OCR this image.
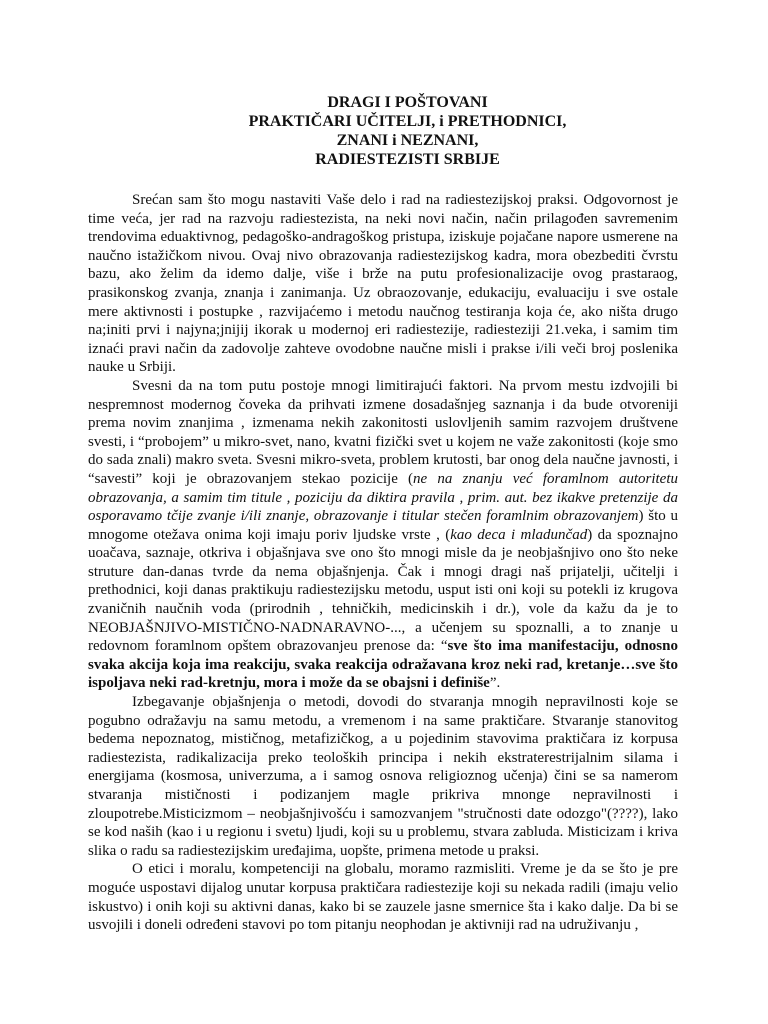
DRAGI I POŠTOVANI
PRAKTIČARI UČITELJI, i PRETHODNICI,
ZNANI i NEZNANI,
RADIESTEZISTI SRBIJE

Srećan sam što mogu nastaviti Vaše delo i rad na radiestezijskoj praksi. Odgovornost je time veća, jer rad na razvoju radiestezista, na neki novi način, način prilagođen savremenim trendovima eduaktivnog, pedagoško-andragoškog pristupa, iziskuje pojačane napore usmerene na naučno istažičkom nivou. Ovaj nivo obrazovanja radiestezijskog kadra, mora obezbediti čvrstu bazu, ako želim da idemo dalje, više i brže na putu profesionalizacije ovog prastaraog, prasikonskog zvanja, znanja i zanimanja. Uz obraozovanje, edukaciju, evaluaciju i sve ostale mere aktivnosti i postupke , razvijaćemo i metodu naučnog testiranja koja će, ako ništa drugo na;initi prvi i najyna;jnijij ikorak u modernoj eri radiestezije, radiesteziji 21.veka, i samim tim iznaći pravi način da zadovolje zahteve ovodobne naučne misli i prakse i/ili veči broj poslenika nauke u Srbiji.

Svesni da na tom putu postoje mnogi limitirajući faktori. Na prvom mestu izdvojili bi nespremnost modernog čoveka da prihvati izmene dosadašnjeg saznanja i da bude otvoreniji prema novim znanjima , izmenama nekih zakonitosti uslovljenih samim razvojem društvene svesti, i “probojem” u mikro-svet, nano, kvatni fizički svet u kojem ne važe zakonitosti (koje smo do sada znali) makro sveta. Svesni mikro-sveta, problem krutosti, bar onog dela naučne javnosti, i “savesti” koji je obrazovanjem stekao pozicije (ne na znanju već foramlnom autoritetu obrazovanja, a samim tim titule , poziciju da diktira pravila , prim. aut. bez ikakve pretenzije da osporavamo tčije zvanje i/ili znanje, obrazovanje i titular stečen foramlnim obrazovanjem) što u mnogome otežava onima koji imaju poriv ljudske vrste , (kao deca i mladunčad) da spoznajno uoačava, saznaje, otkriva i objašnjava sve ono što mnogi misle da je neobjašnjivo ono što neke struture dan-danas tvrde da nema objašnjenja. Čak i mnogi dragi naš prijatelji, učitelji i prethodnici, koji danas praktikuju radiestezijsku metodu, usput isti oni koji su potekli iz krugova zvaničnih naučnih voda (prirodnih , tehničkih, medicinskih i dr.), vole da kažu da je to NEOBJAŠNJIVO-MISTIČNO-NADNARAVNO-..., a učenjem su spoznalli, a to znanje u redovnom foramlnom opštem obrazovanjeu prenose da: “sve što ima manifestaciju, odnosno svaka akcija koja ima reakciju, svaka reakcija odražavana kroz neki rad, kretanje…sve što ispoljava neki rad-kretnju, mora i može da se obajsni i definiše”.

Izbegavanje objašnjenja o metodi, dovodi do stvaranja mnogih nepravilnosti koje se pogubno odražavju na samu metodu, a vremenom i na same praktičare. Stvaranje stanovitog bedema nepoznatog, mističnog, metafizičkog, a u pojedinim stavovima praktičara iz korpusa radiestezista, radikalizacija preko teoloških principa i nekih ekstraterestrijalnim silama i energijama (kosmosa, univerzuma, a i samog osnova religioznog učenja) čini se sa namerom stvaranja mističnosti i podizanjem magle prikriva mnonge nepravilnosti i zloupotrebe.Misticizmom – neobjašnjivošću i samozvanjem "stručnosti date odozgo"(????), lako se kod naših (kao i u regionu i svetu) ljudi, koji su u problemu, stvara zabluda. Misticizam i kriva slika o radu sa radiestezijskim uređajima, uopšte, primena metode u praksi.

O etici i moralu, kompetenciji na globalu, moramo razmisliti. Vreme je da se što je pre moguće uspostavi dijalog unutar korpusa praktičara radiestezije koji su nekada radili (imaju velio iskustvo) i onih koji su aktivni danas, kako bi se zauzele jasne smernice šta i kako dalje. Da bi se usvojili i doneli određeni stavovi po tom pitanju neophodan je aktivniji rad na udruživanju ,
